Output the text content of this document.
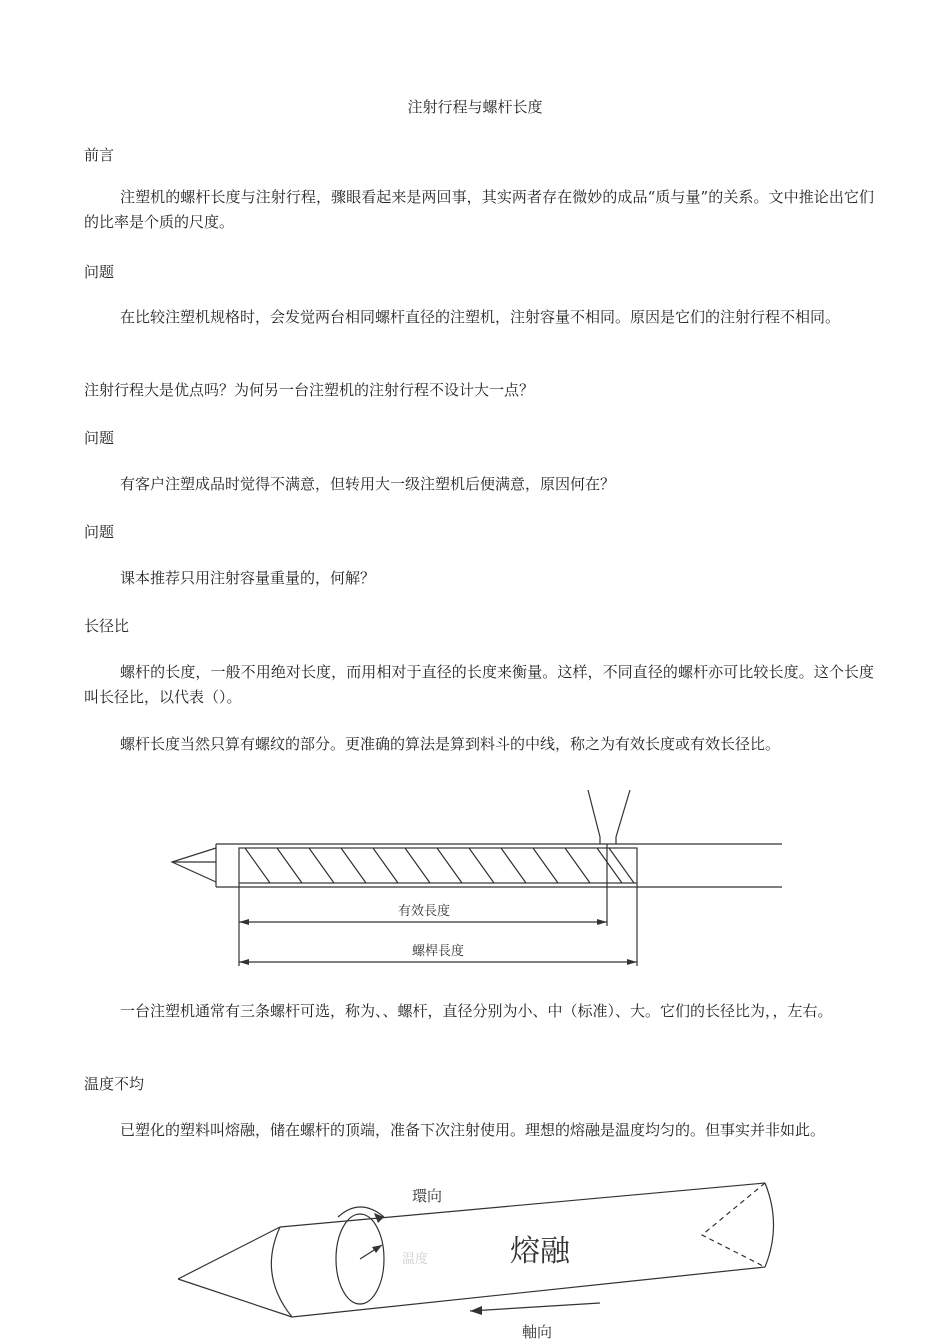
注射行程与螺杆长度
前言
注塑机的螺杆长度与注射行程，骤眼看起来是两回事，其实两者存在微妙的成品“质与量”的关系。文中推论出它们的比率是个质的尺度。
问题
在比较注塑机规格时，会发觉两台相同螺杆直径的注塑机，注射容量不相同。原因是它们的注射行程不相同。
注射行程大是优点吗？为何另一台注塑机的注射行程不设计大一点？
问题
有客户注塑成品时觉得不满意，但转用大一级注塑机后便满意，原因何在？
问题
课本推荐只用注射容量重量的，何解？
长径比
螺杆的长度，一般不用绝对长度，而用相对于直径的长度来衡量。这样，不同直径的螺杆亦可比较长度。这个长度叫长径比，以代表（）。
螺杆长度当然只算有螺纹的部分。更准确的算法是算到料斗的中线，称之为有效长度或有效长径比。
有效長度
螺桿長度
一台注塑机通常有三条螺杆可选，称为、、螺杆，直径分别为小、中（标准）、大。它们的长径比为，，左右。
温度不均
已塑化的塑料叫熔融，储在螺杆的顶端，准备下次注射使用。理想的熔融是温度均匀的。但事实并非如此。
環向
温度	熔融
軸向
